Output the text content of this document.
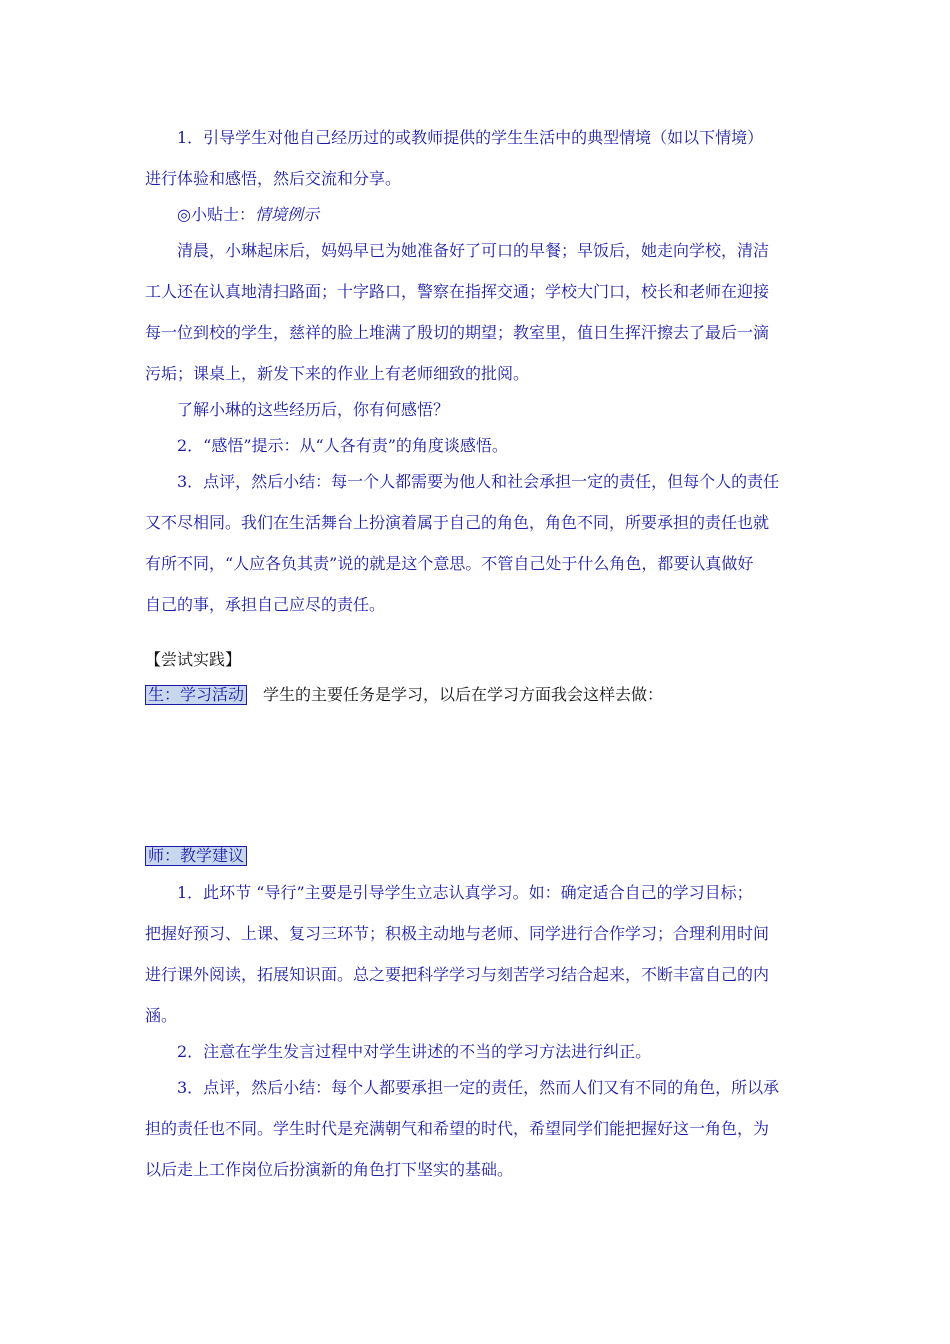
1．引导学生对他自己经历过的或教师提供的学生生活中的典型情境（如以下情境）
进行体验和感悟，然后交流和分享。
◎小贴士：情境例示
清晨，小琳起床后，妈妈早已为她准备好了可口的早餐；早饭后，她走向学校，清洁
工人还在认真地清扫路面；十字路口，警察在指挥交通；学校大门口，校长和老师在迎接
每一位到校的学生，慈祥的脸上堆满了殷切的期望；教室里，值日生挥汗擦去了最后一滴
污垢；课桌上，新发下来的作业上有老师细致的批阅。
了解小琳的这些经历后，你有何感悟？
2．“感悟”提示：从“人各有责”的角度谈感悟。
3．点评，然后小结：每一个人都需要为他人和社会承担一定的责任，但每个人的责任
又不尽相同。我们在生活舞台上扮演着属于自己的角色，角色不同，所要承担的责任也就
有所不同，“人应各负其责”说的就是这个意思。不管自己处于什么角色，都要认真做好
自己的事，承担自己应尽的责任。
【尝试实践】
生：学习活动 学生的主要任务是学习，以后在学习方面我会这样去做：
师：教学建议
1．此环节 “导行”主要是引导学生立志认真学习。如：确定适合自己的学习目标；
把握好预习、上课、复习三环节；积极主动地与老师、同学进行合作学习；合理利用时间
进行课外阅读，拓展知识面。总之要把科学学习与刻苦学习结合起来，不断丰富自己的内
涵。
2．注意在学生发言过程中对学生讲述的不当的学习方法进行纠正。
3．点评，然后小结：每个人都要承担一定的责任，然而人们又有不同的角色，所以承
担的责任也不同。学生时代是充满朝气和希望的时代，希望同学们能把握好这一角色，为
以后走上工作岗位后扮演新的角色打下坚实的基础。
